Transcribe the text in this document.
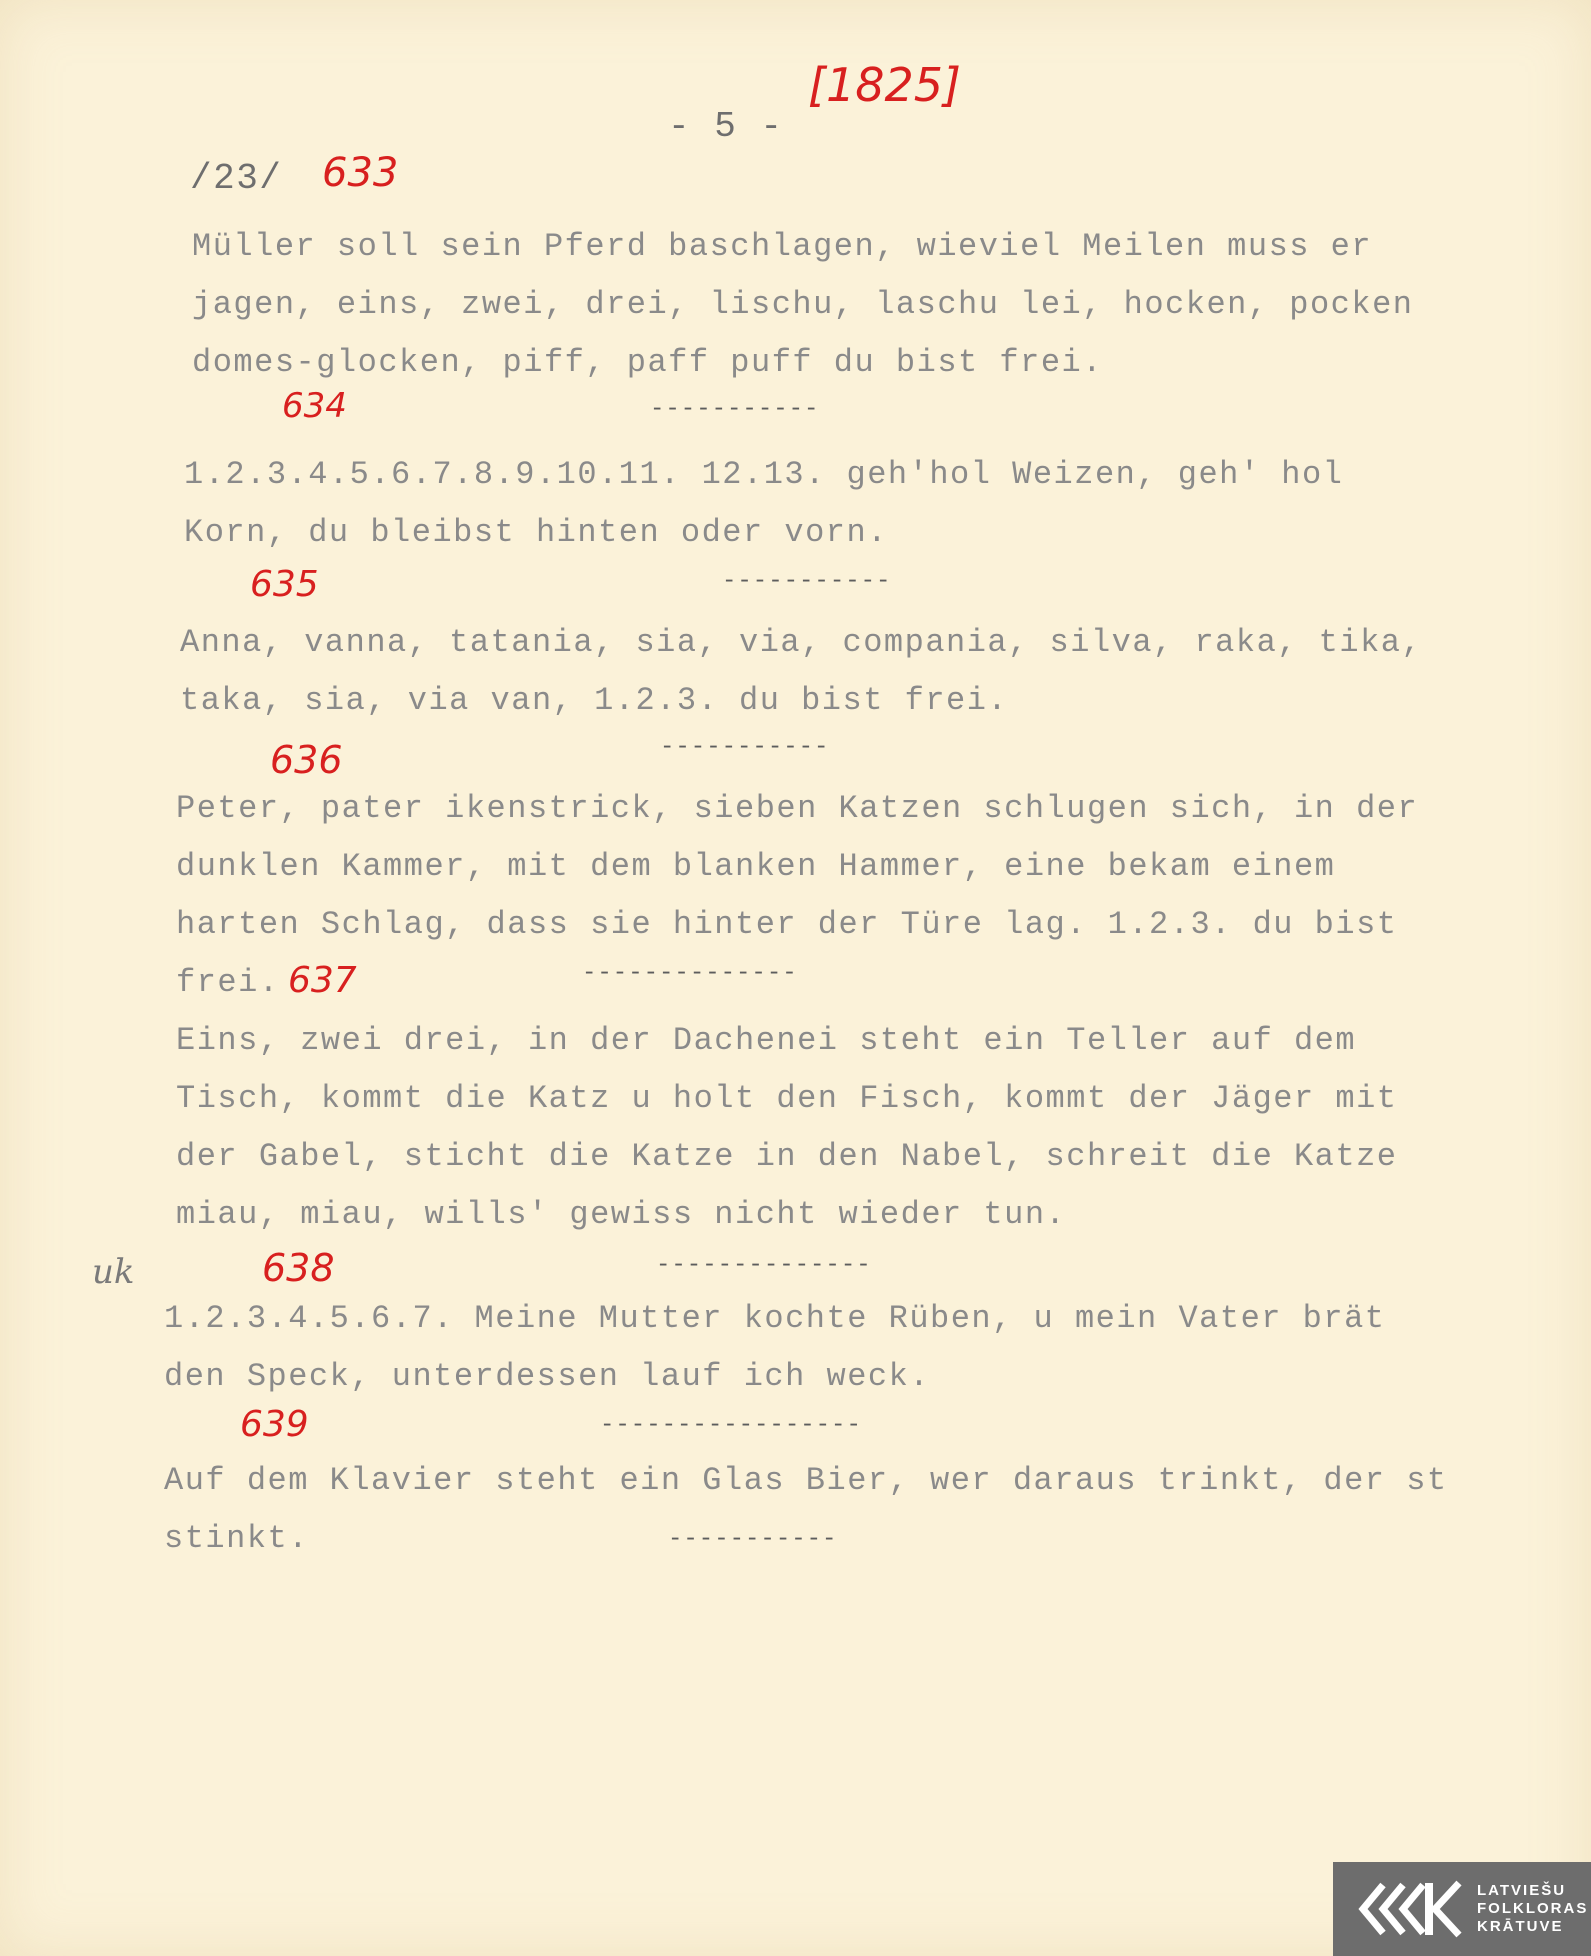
- 5 -
[1825]
/23/ 633
Müller soll sein Pferd baschlagen, wieviel Meilen muss er
jagen, eins, zwei, drei, lischu, laschu lei, hocken, pocken
domes-glocken, piff, paff puff du bist frei.
-----------
634
1.2.3.4.5.6.7.8.9.10.11. 12.13. geh'hol Weizen, geh' hol
Korn, du bleibst hinten oder vorn.
-----------
635
Anna, vanna, tatania, sia, via, compania, silva, raka, tika,
taka, sia, via van, 1.2.3. du bist frei.
-----------
636
Peter, pater ikenstrick, sieben Katzen schlugen sich, in der
dunklen Kammer, mit dem blanken Hammer, eine bekam einem
harten Schlag, dass sie hinter der Türe lag. 1.2.3. du bist
frei.	--------------
637
Eins, zwei drei, in der Dachenei steht ein Teller auf dem
Tisch, kommt die Katz u holt den Fisch, kommt der Jäger mit
der Gabel, sticht die Katze in den Nabel, schreit die Katze
miau, miau, wills' gewiss nicht wieder tun.
--------------
uk	638
1.2.3.4.5.6.7. Meine Mutter kochte Rüben, u mein Vater brät
den Speck, unterdessen lauf ich weck.
-----------------
639
Auf dem Klavier steht ein Glas Bier, wer daraus trinkt, der st
stinkt.	-----------
LATVIEŠU
FOLKLORAS
KRĀTUVE
